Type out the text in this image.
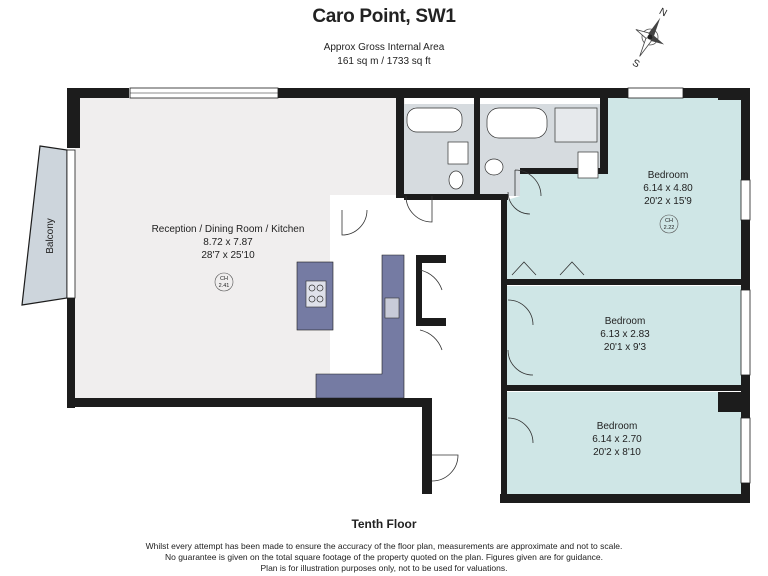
Caro Point, SW1
Approx Gross Internal Area
161 sq m / 1733 sq ft
N
S
Balcony	Reception / Dining Room / Kitchen
8.72 x 7.87
28'7 x 25'10
CH
2.41
Bedroom
6.14 x 4.80
20'2 x 15'9
CH
2.22
Bedroom
6.13 x 2.83
20'1 x 9'3
Bedroom
6.14 x 2.70
20'2 x 8'10
Tenth Floor
Whilst every attempt has been made to ensure the accuracy of the floor plan, measurements are approximate and not to scale.
No guarantee is given on the total square footage of the property quoted on the plan. Figures given are for guidance.
Plan is for illustration purposes only, not to be used for valuations.
